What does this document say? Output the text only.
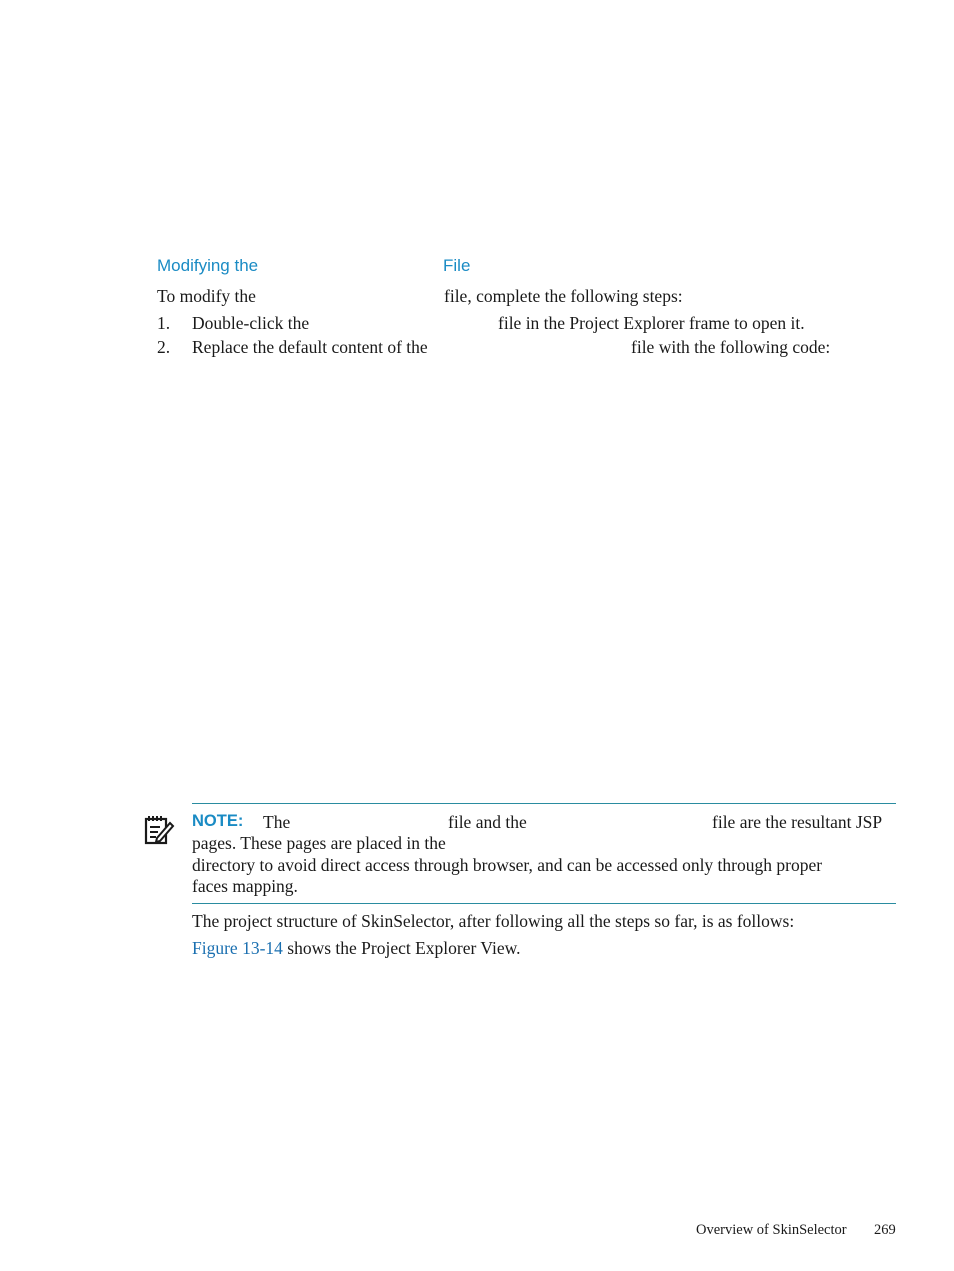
Modifying the	File
To modify the	file, complete the following steps:
1. Double-click the	file in the Project Explorer frame to open it.
2. Replace the default content of the	file with the following code:
NOTE: The	file and the	file are the resultant JSP
pages. These pages are placed in the
directory to avoid direct access through browser, and can be accessed only through proper
faces mapping.
The project structure of SkinSelector, after following all the steps so far, is as follows:
Figure 13-14 shows the Project Explorer View.
Overview of SkinSelector 269
